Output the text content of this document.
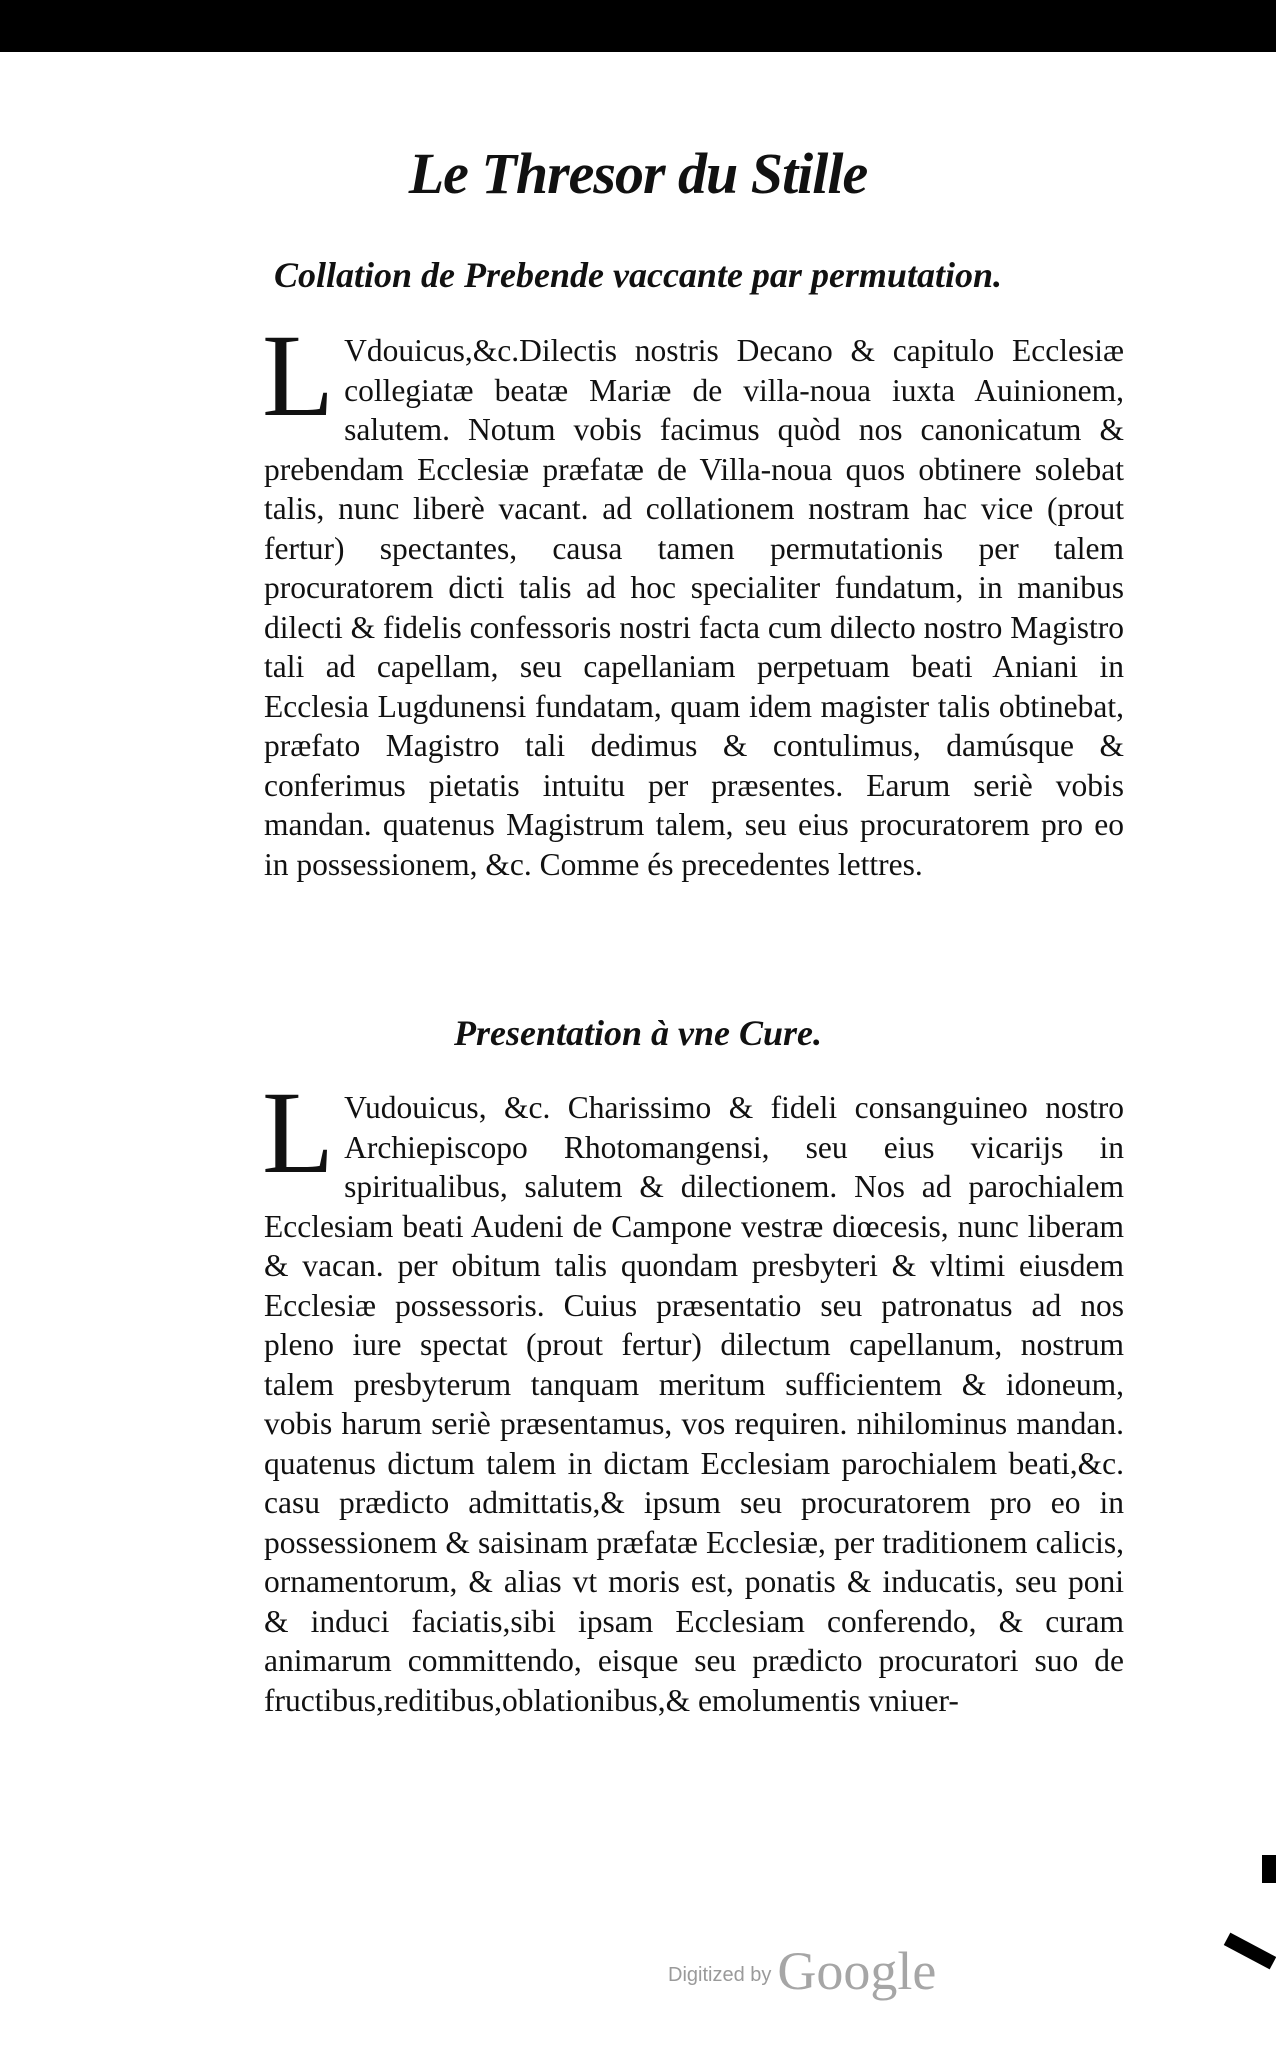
Le Thresor du Stille
Collation de Prebende vaccante par permutation.

L Vdouicus,&c.Dilectis nostris Decano & capitulo Ecclesiæ collegiatæ beatæ Mariæ de villa-noua iuxta Auinionem, salutem. Notum vobis facimus quòd nos canonicatum & prebendam Ecclesiæ præfatæ de Villa-noua quos obtinere solebat talis, nunc liberè vacant. ad collationem nostram hac vice (prout fertur) spectantes, causa tamen permutationis per talem procuratorem dicti talis ad hoc specialiter fundatum, in manibus dilecti & fidelis confessoris nostri facta cum dilecto nostro Magistro tali ad capellam, seu capellaniam perpetuam beati Aniani in Ecclesia Lugdunensi fundatam, quam idem magister talis obtinebat, præfato Magistro tali dedimus & contulimus, damúsque & conferimus pietatis intuitu per præsentes. Earum seriè vobis mandan. quatenus Magistrum talem, seu eius procuratorem pro eo in possessionem, &c. Comme és precedentes lettres.

Presentation à vne Cure.

L Vudouicus, &c. Charissimo & fideli consanguineo nostro Archiepiscopo Rhotomangensi, seu eius vicarijs in spiritualibus, salutem & dilectionem. Nos ad parochialem Ecclesiam beati Audeni de Campone vestræ diœcesis, nunc liberam & vacan. per obitum talis quondam presbyteri & vltimi eiusdem Ecclesiæ possessoris. Cuius præsentatio seu patronatus ad nos pleno iure spectat (prout fertur) dilectum capellanum, nostrum talem presbyterum tanquam meritum sufficientem & idoneum, vobis harum seriè præsentamus, vos requiren. nihilominus mandan. quatenus dictum talem in dictam Ecclesiam parochialem beati,&c. casu prædicto admittatis,& ipsum seu procuratorem pro eo in possessionem & saisinam præfatæ Ecclesiæ, per traditionem calicis, ornamentorum, & alias vt moris est, ponatis & inducatis, seu poni & induci faciatis,sibi ipsam Ecclesiam conferendo, & curam animarum committendo, eisque seu prædicto procuratori suo de fructibus,reditibus,oblationibus,& emolumentis vniuer-

Digitized by Google
